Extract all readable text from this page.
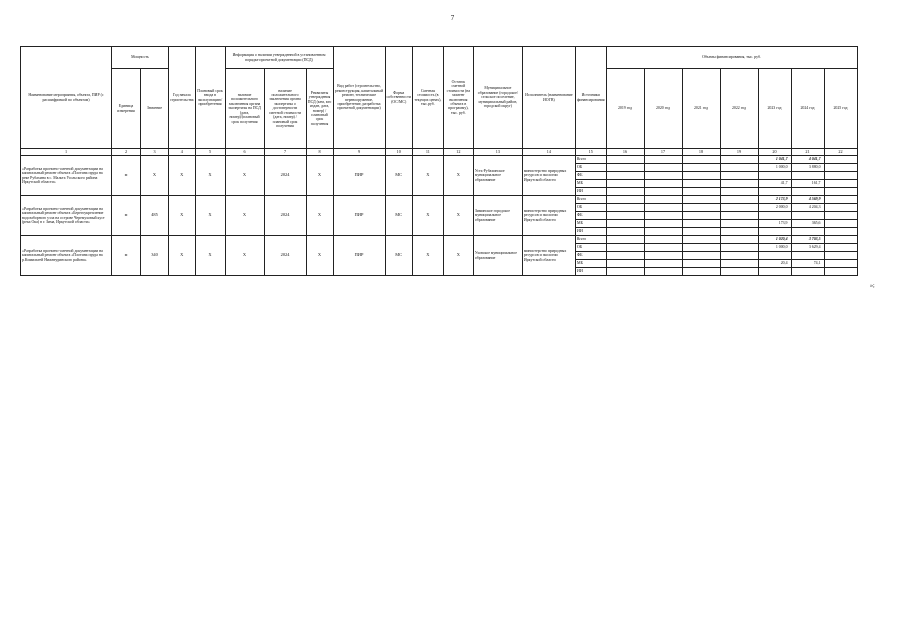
7
Наименование мероприятия, объекта, ПИР (с расшифровкой по объектам)	Мощность		Год начала строительства	Плановый срок ввода в эксплуатацию/приобретения	Информация о наличии утвержденной в установленном порядке проектной документации (ПСД)			Вид работ (строительство, реконструкция, капитальный ремонт, технические перевооружение, приобретение, разработка проектной документации)	Форма собственности (ОС/МС)	Сметная стоимость (в текущих ценах), тыс.руб.	Остаток сметной стоимости (на момент включения объекта в программу), тыс. руб.	Муниципальное образование (городское/сельское поселение, муниципальный район, городской округ)	Исполнитель (наименование ИОГВ)	Источники финансирования	Объемы финансирования, тыс. руб.						
	Единица измерения	Значение			наличие положительного заключения органа экспертизы на ПСД (дата, номер)/(плановый срок получения	наличие положительного заключения органа экспертизы о достоверности сметной стоимости (дата, номер) / плановый срок получения	Реквизиты утверждения ПСД (кем, кто издан, дата, номер) / плановый срок получения								2019 год	2020 год	2021 год	2022 год	2023 год	2024 год	2025 год

1	2	3	4	5	6	7	8	9	10	11	12	13	14	15	16	17	18	19	20	21	22
«Разработка проектно-сметной документации на капитальный ремонт объекта «Плотина пруда на реке Рубахина в с. Мальта Усольского района Иркутской области»	м	Х	Х	Х	Х	2024	Х	ПИР	МС	Х	Х	Усть-Рубахинское муниципальное образование	министерство природных ресурсов и экологии Иркутской области	Всего					1 041,7	4 041,7	
														ОБ					1 000,0	3 880,0	
														ФБ							
														МБ					41,7	161,7	
														ИИ							
«Разработка проектно-сметной документации на капитальный ремонт объекта «Берегоукрепление водозаборного узла на острове Черемуховый куст (река Ока) в г. Зима, Иркутской области»	м	485	Х	Х	Х	2024	Х	ПИР	МС	Х	Х	Зиминское городское муниципальное образование	министерство природных ресурсов и экологии Иркутской области	Всего					2 173,9	4 569,9	
														ОБ					2 000,0	4 204,3	
														ФБ							
														МБ					173,9	365,6	
														ИИ							
«Разработка проектно-сметной документации на капитальный ремонт объекта «Плотина пруда на р.Кимильтей Нижнеудинского района»	м	340	Х	Х	Х	2024	Х	ПИР	МС	Х	Х	Уховское муниципальное образование	министерство природных ресурсов и экологии Иркутской области	Всего					1 020,4	3 703,5	
														ОБ					1 000,0	3 629,4	
														ФБ							
														МБ					20,4	74,1	
														ИИ							
»;
